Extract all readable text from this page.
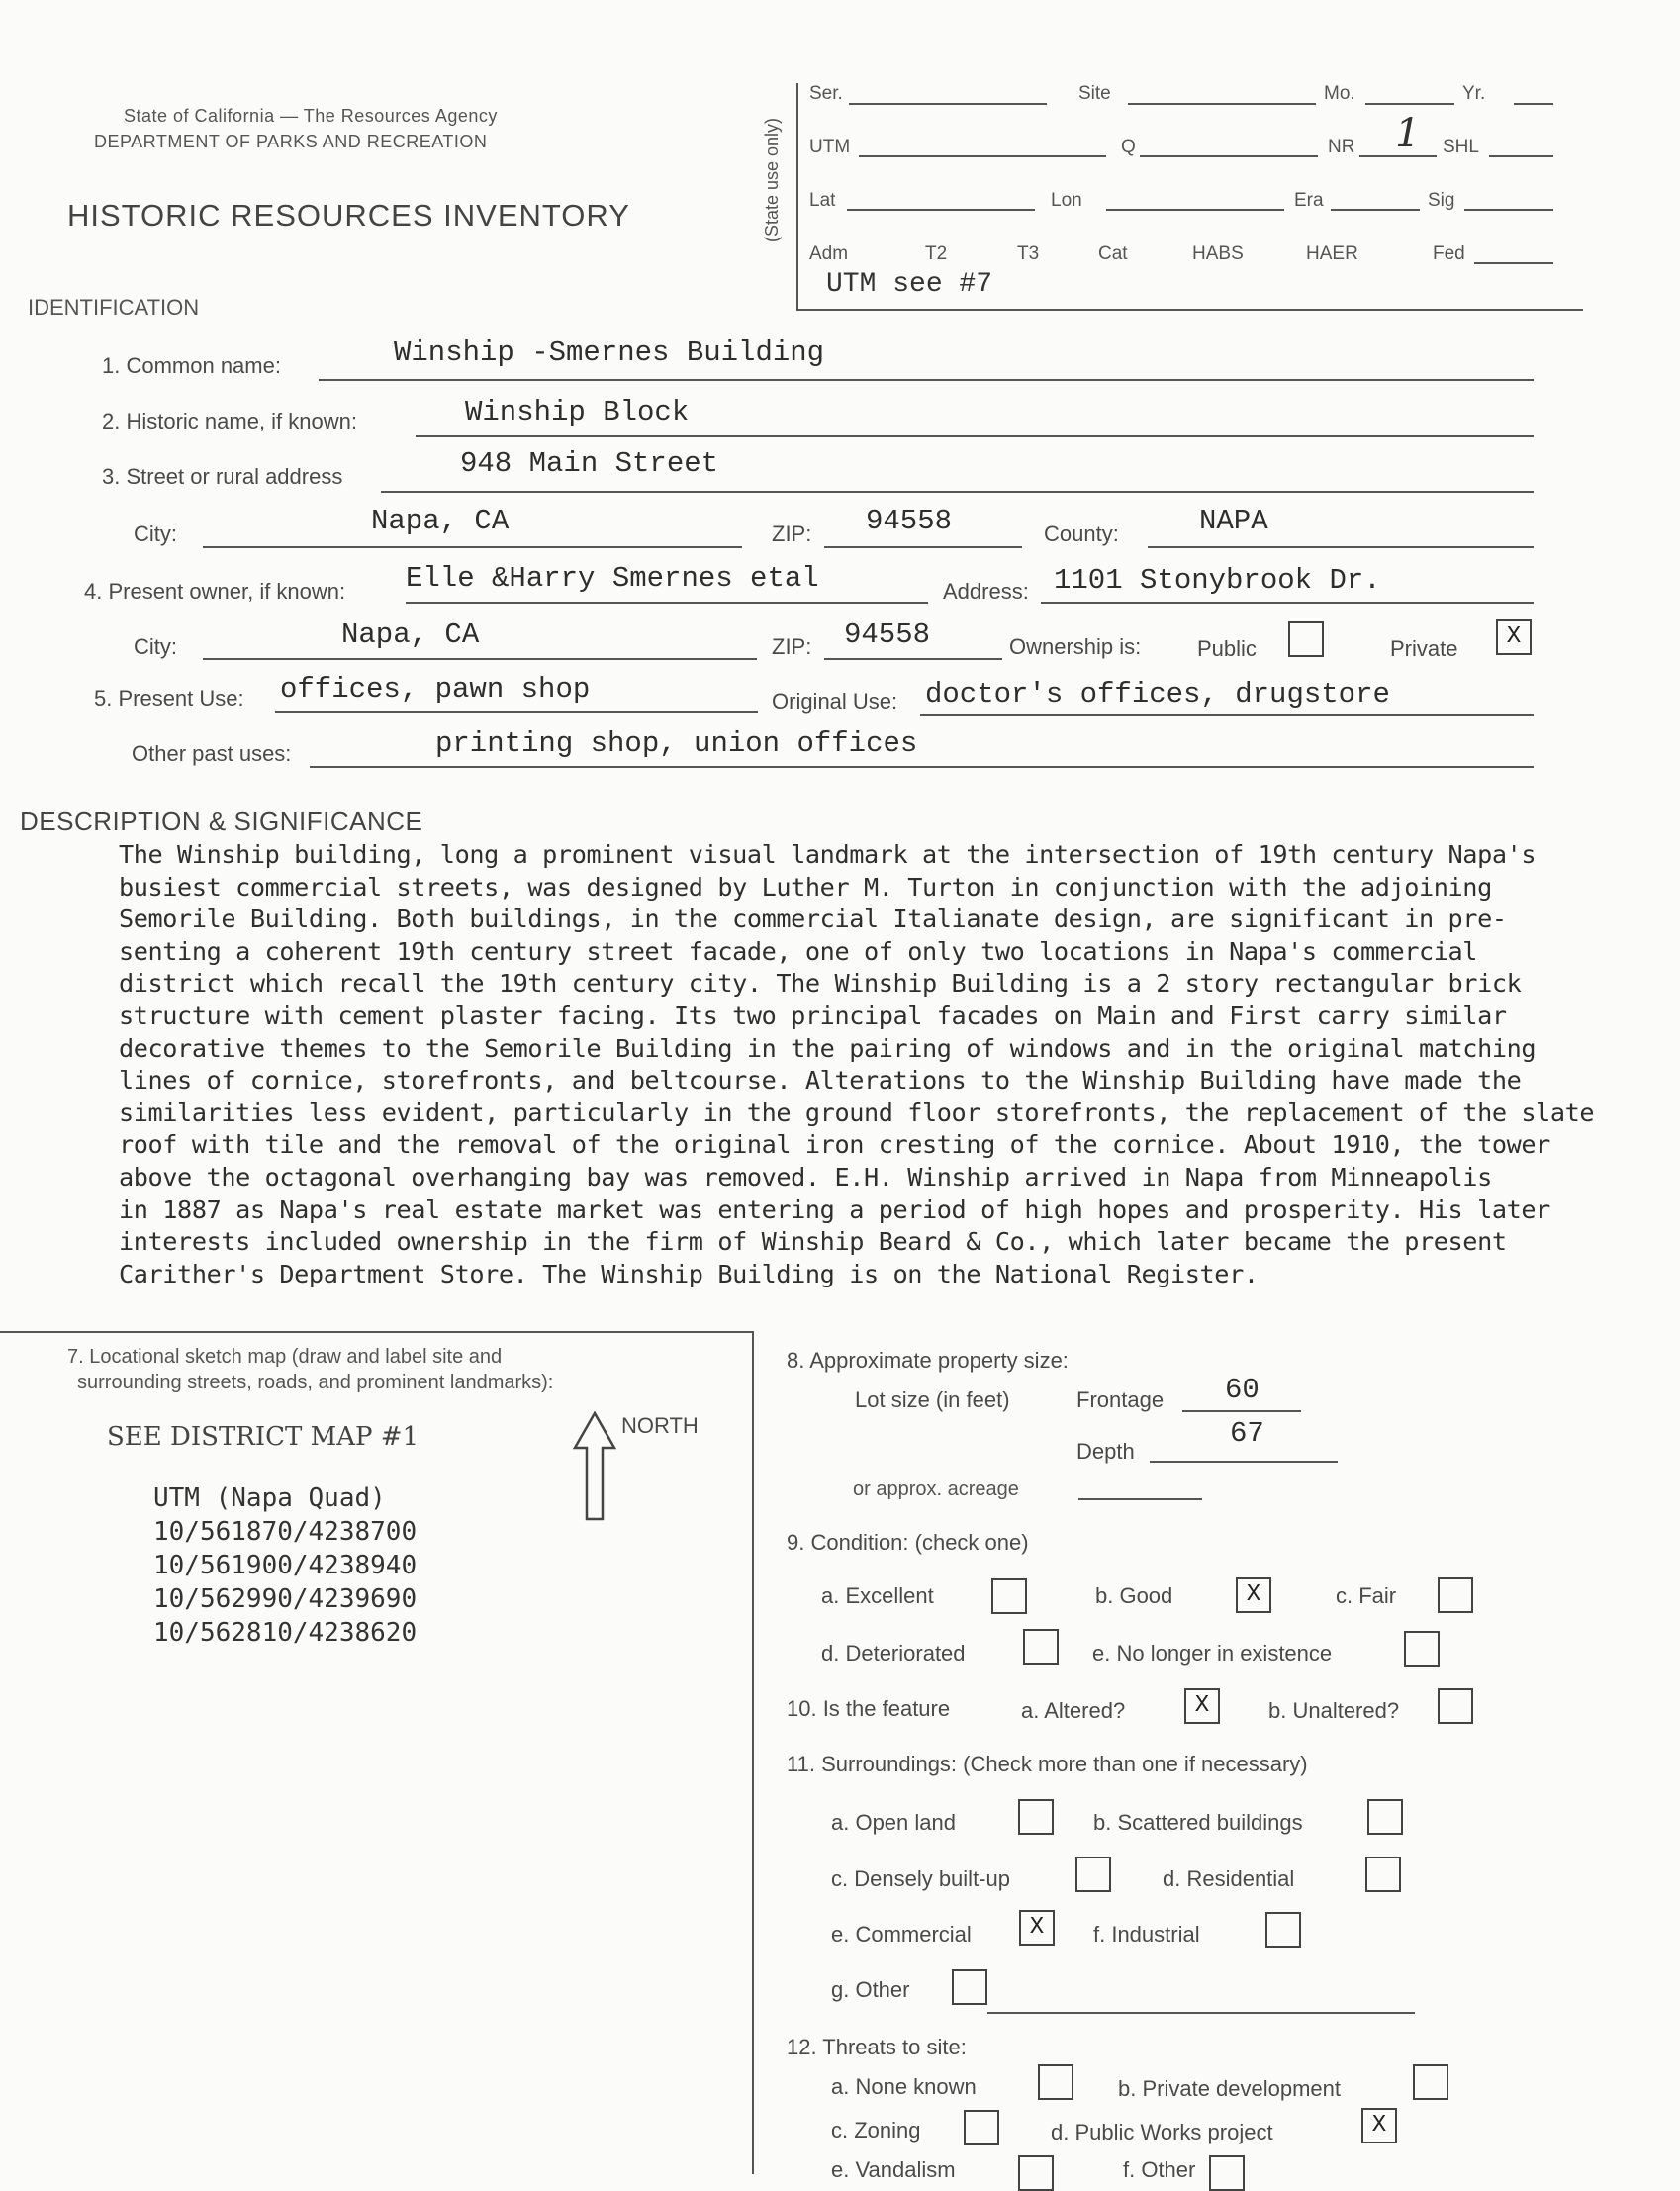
State of California — The Resources Agency
DEPARTMENT OF PARKS AND RECREATION
HISTORIC RESOURCES INVENTORY	(State use only)
Ser.	Site	Mo.	Yr.
UTM	Q	NR 1 SHL
Lat	Lon	Era	Sig
Adm	T2	T3	Cat	HABS	HAER	Fed
UTM see #7
IDENTIFICATION
1. Common name:	Winship -Smernes Building
2. Historic name, if known:	Winship Block
3. Street or rural address	948 Main Street
City:	Napa, CA	ZIP: 94558	County:	NAPA
4. Present owner, if known: Elle &Harry Smernes etal	Address: 1101 Stonybrook Dr.
City:	Napa, CA	ZIP: 94558	Ownership is:	Public	Private	X
5. Present Use: offices, pawn shop	Original Use: doctor's offices, drugstore
Other past uses:	printing shop, union offices
DESCRIPTION & SIGNIFICANCE
The Winship building, long a prominent visual landmark at the intersection of 19th century Napa's
busiest commercial streets, was designed by Luther M. Turton in conjunction with the adjoining
Semorile Building. Both buildings, in the commercial Italianate design, are significant in pre-
senting a coherent 19th century street facade, one of only two locations in Napa's commercial
district which recall the 19th century city. The Winship Building is a 2 story rectangular brick
structure with cement plaster facing. Its two principal facades on Main and First carry similar
decorative themes to the Semorile Building in the pairing of windows and in the original matching
lines of cornice, storefronts, and beltcourse. Alterations to the Winship Building have made the
similarities less evident, particularly in the ground floor storefronts, the replacement of the slate
roof with tile and the removal of the original iron cresting of the cornice. About 1910, the tower
above the octagonal overhanging bay was removed. E.H. Winship arrived in Napa from Minneapolis
in 1887 as Napa's real estate market was entering a period of high hopes and prosperity. His later
interests included ownership in the firm of Winship Beard & Co., which later became the present
Carither's Department Store. The Winship Building is on the National Register.
7. Locational sketch map (draw and label site and
surrounding streets, roads, and prominent landmarks):
SEE DISTRICT MAP #1	NORTH
UTM (Napa Quad)
10/561870/4238700
10/561900/4238940
10/562990/4239690
10/562810/4238620
8. Approximate property size:
Lot size (in feet)	Frontage 60
Depth
67
or approx. acreage
9. Condition: (check one)
a. Excellent	b. Good	X	c. Fair
d. Deteriorated	e. No longer in existence
10. Is the feature	a. Altered?	X	b. Unaltered?
11. Surroundings: (Check more than one if necessary)
a. Open land	b. Scattered buildings
c. Densely built-up	d. Residential
e. Commercial	X	f. Industrial
g. Other
12. Threats to site:
a. None known	b. Private development
c. Zoning	d. Public Works project	X
e. Vandalism	f. Other
